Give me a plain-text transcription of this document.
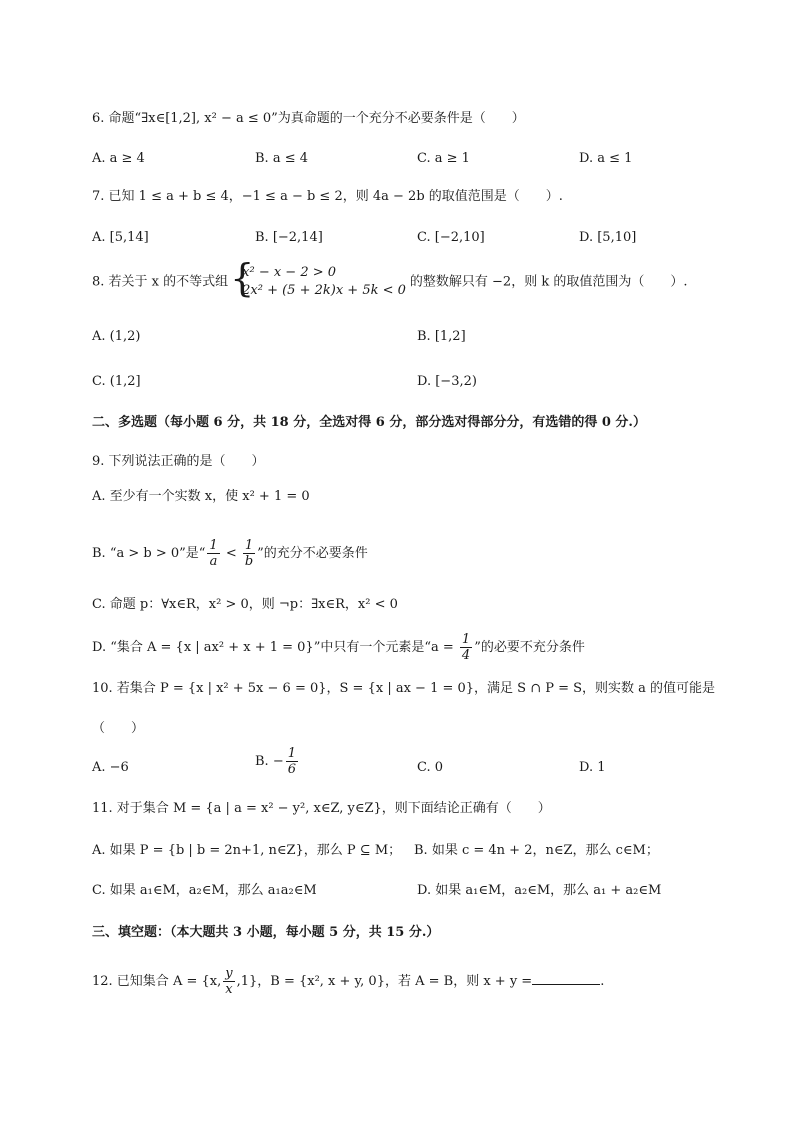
6. 命题“∃x∈[1,2], x² − a ≤ 0”为真命题的一个充分不必要条件是（　　）
A. a ≥ 4	B. a ≤ 4	C. a ≥ 1	D. a ≤ 1
7. 已知 1 ≤ a + b ≤ 4，−1 ≤ a − b ≤ 2，则 4a − 2b 的取值范围是（　　）.
A. [5,14]	B. [−2,14]	C. [−2,10]	D. [5,10]
8. 若关于 x 的不等式组 {
x² − x − 2 > 0
2x² + (5 + 2k)x + 5k < 0
的整数解只有 −2，则 k 的取值范围为（　　）.
A. (1,2)	B. [1,2]
C. (1,2]	D. [−3,2)
二、多选题（每小题 6 分，共 18 分，全选对得 6 分，部分选对得部分分，有选错的得 0 分.）
9. 下列说法正确的是（　　）
A. 至少有一个实数 x，使 x² + 1 = 0
B. “a > b > 0”是“ $\frac{1}{a} < \frac{1}{b}$ ”的充分不必要条件
C. 命题 p：∀x∈R，x² > 0，则 ¬p：∃x∈R，x² < 0
D. “集合 A = {x | ax² + x + 1 = 0}”中只有一个元素是“$a = \frac{1}{4}$ ”的必要不充分条件
10. 若集合 P = {x | x² + 5x − 6 = 0}，S = {x | ax − 1 = 0}，满足 S ∩ P = S，则实数 a 的值可能是
（　　）
A. −6	B. − $\frac{1}{6}$	C. 0	D. 1
11. 对于集合 M = {a | a = x² − y², x∈Z, y∈Z}，则下面结论正确有（　　）
A. 如果 P = {b | b = 2n+1, n∈Z}，那么 P ⊆ M； B. 如果 c = 4n + 2，n∈Z，那么 c∈M；
C. 如果 a₁∈M，a₂∈M，那么 a₁a₂∈M	D. 如果 a₁∈M，a₂∈M，那么 a₁ + a₂∈M
三、填空题：（本大题共 3 小题，每小题 5 分，共 15 分.）
12. 已知集合 A = {x, $\frac{y}{x} ,1$}，B = {x², x + y, 0}，若 A = B，则 x + y =	.
